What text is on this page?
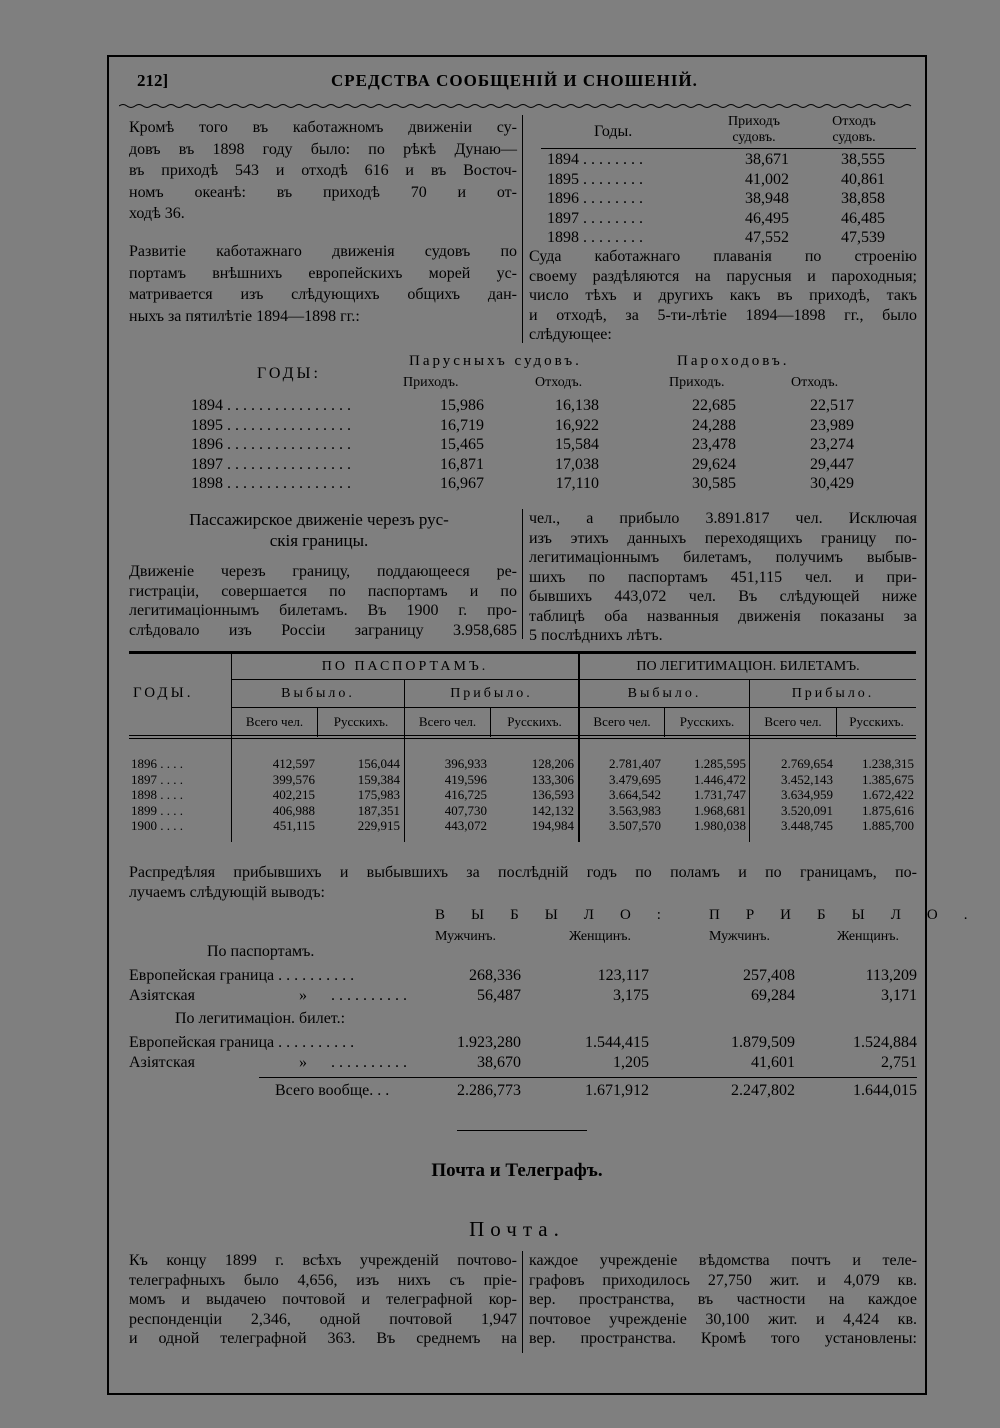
212]	СРЕДСТВА СООБЩЕНІЙ И СНОШЕНІЙ.
Кромѣ того въ каботажномъ движеніи су-
довъ въ 1898 году было: по рѣкѣ Дунаю—
въ приходѣ 543 и отходѣ 616 и въ Восточ-
номъ океанѣ: въ приходѣ 70 и от-
ходѣ 36.
Развитіе каботажнаго движенія судовъ по
портамъ внѣшнихъ европейскихъ морей ус-
матривается изъ слѣдующихъ общихъ дан-
ныхъ за пятилѣтіе 1894—1898 гг.:
Годы.
Приходъ судовъ.
Отходъ судовъ.
1894 . . . . . . . .	38,671	38,555
1895 . . . . . . . .	41,002	40,861
1896 . . . . . . . .	38,948	38,858
1897 . . . . . . . .	46,495	46,485
1898 . . . . . . . .	47,552	47,539
Суда каботажнаго плаванія по строенію
своему раздѣляются на парусныя и пароходныя;
число тѣхъ и другихъ какъ въ приходѣ, такъ
и отходѣ, за 5-ти-лѣтіе 1894—1898 гг., было
слѣдующее:
ГОДЫ:
Парусныхъ судовъ.	Пароходовъ.
Приходъ.	Отходъ.	Приходъ.	Отходъ.
1894 . . . . . . . . . . . . . . . .	15,986	16,138	22,685	22,517
1895 . . . . . . . . . . . . . . . .	16,719	16,922	24,288	23,989
1896 . . . . . . . . . . . . . . . .	15,465	15,584	23,478	23,274
1897 . . . . . . . . . . . . . . . .	16,871	17,038	29,624	29,447
1898 . . . . . . . . . . . . . . . .	16,967	17,110	30,585	30,429
Пассажирское движеніе черезъ рус-
скія границы.
Движеніе черезъ границу, поддающееся ре-
гистраціи, совершается по паспортамъ и по
легитимаціоннымъ билетамъ. Въ 1900 г. про-
слѣдовало изъ Россіи заграницу 3.958,685
чел., а прибыло 3.891.817 чел. Исключая
изъ этихъ данныхъ переходящихъ границу по-
легитимаціоннымъ билетамъ, получимъ выбыв-
шихъ по паспортамъ 451,115 чел. и при-
бывшихъ 443,072 чел. Въ слѣдующей ниже
таблицѣ оба названныя движенія показаны за
5 послѣднихъ лѣтъ.
ГОДЫ.
ПО ПАСПОРТАМЪ.	ПО ЛЕГИТИМАЦІОН. БИЛЕТАМЪ.
Выбыло.	Прибыло.	Выбыло.	Прибыло.
Всего чел.	Русскихъ.	Всего чел.	Русскихъ.	Всего чел.	Русскихъ.	Всего чел.	Русскихъ.
1896 . . . .	412,597	156,044	396,933	128,206	2.781,407	1.285,595	2.769,654	1.238,315
1897 . . . .	399,576	159,384	419,596	133,306	3.479,695	1.446,472	3.452,143	1.385,675
1898 . . . .	402,215	175,983	416,725	136,593	3.664,542	1.731,747	3.634,959	1.672,422
1899 . . . .	406,988	187,351	407,730	142,132	3.563,983	1.968,681	3.520,091	1.875,616
1900 . . . .	451,115	229,915	443,072	194,984	3.507,570	1.980,038	3.448,745	1.885,700
Распредѣляя прибывшихъ и выбывшихъ за послѣдній годъ по поламъ и по границамъ, по-
лучаемъ слѣдующій выводъ:
ВЫБЫЛО: ПРИБЫЛО.
Мужчинъ.	Женщинъ.	Мужчинъ.	Женщинъ.
По паспортамъ.
По легитимаціон. билет.:
Европейская граница . . . . . . . . . .	268,336	123,117	257,408	113,209
Азіятская	» . . . . . . . . . .	56,487	3,175	69,284	3,171
Европейская граница . . . . . . . . . .	1.923,280	1.544,415	1.879,509	1.524,884
Азіятская	» . . . . . . . . . .	38,670	1,205	41,601	2,751
Всего вообще. . .	2.286,773	1.671,912	2.247,802	1.644,015
Почта и Телеграфъ.
Почта.
Къ концу 1899 г. всѣхъ учрежденій почтово-
телеграфныхъ было 4,656, изъ нихъ съ пріе-
момъ и выдачею почтовой и телеграфной кор-
респонденціи 2,346, одной почтовой 1,947
и одной телеграфной 363. Въ среднемъ на
каждое учрежденіе вѣдомства почтъ и теле-
графовъ приходилось 27,750 жит. и 4,079 кв.
вер. пространства, въ частности на каждое
почтовое учрежденіе 30,100 жит. и 4,424 кв.
вер. пространства. Кромѣ того установлены:
